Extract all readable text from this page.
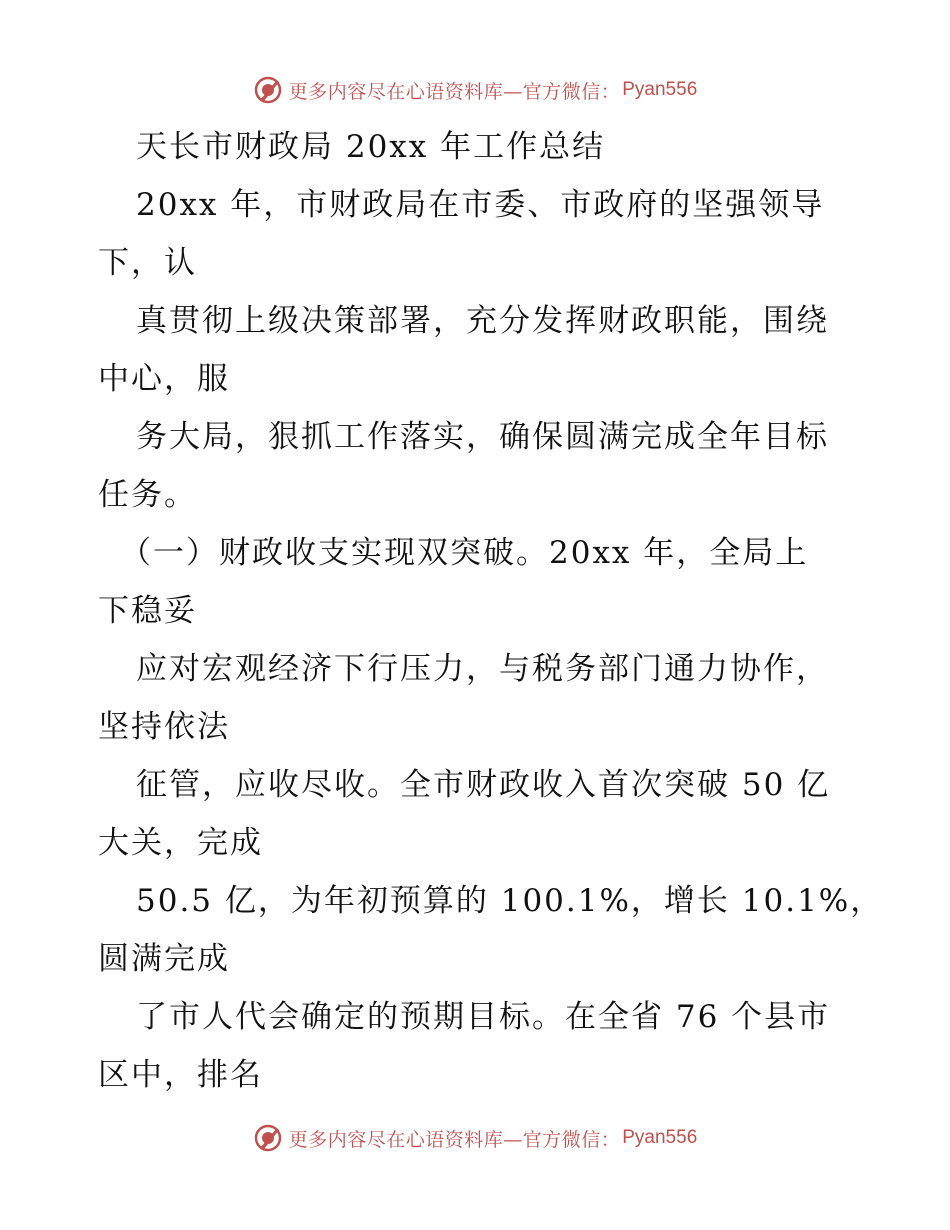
更多内容尽在心语资料库—官方微信： Pyan556
天长市财政局 20xx 年工作总结
20xx 年，市财政局在市委、市政府的坚强领导
下，认
真贯彻上级决策部署，充分发挥财政职能，围绕
中心，服
务大局，狠抓工作落实，确保圆满完成全年目标
任务。
（一）财政收支实现双突破。20xx 年，全局上
下稳妥
应对宏观经济下行压力，与税务部门通力协作，
坚持依法
征管，应收尽收。全市财政收入首次突破 50 亿
大关，完成
50.5 亿，为年初预算的 100.1%，增长 10.1%，
圆满完成
了市人代会确定的预期目标。在全省 76 个县市
区中，排名
更多内容尽在心语资料库—官方微信： Pyan556
